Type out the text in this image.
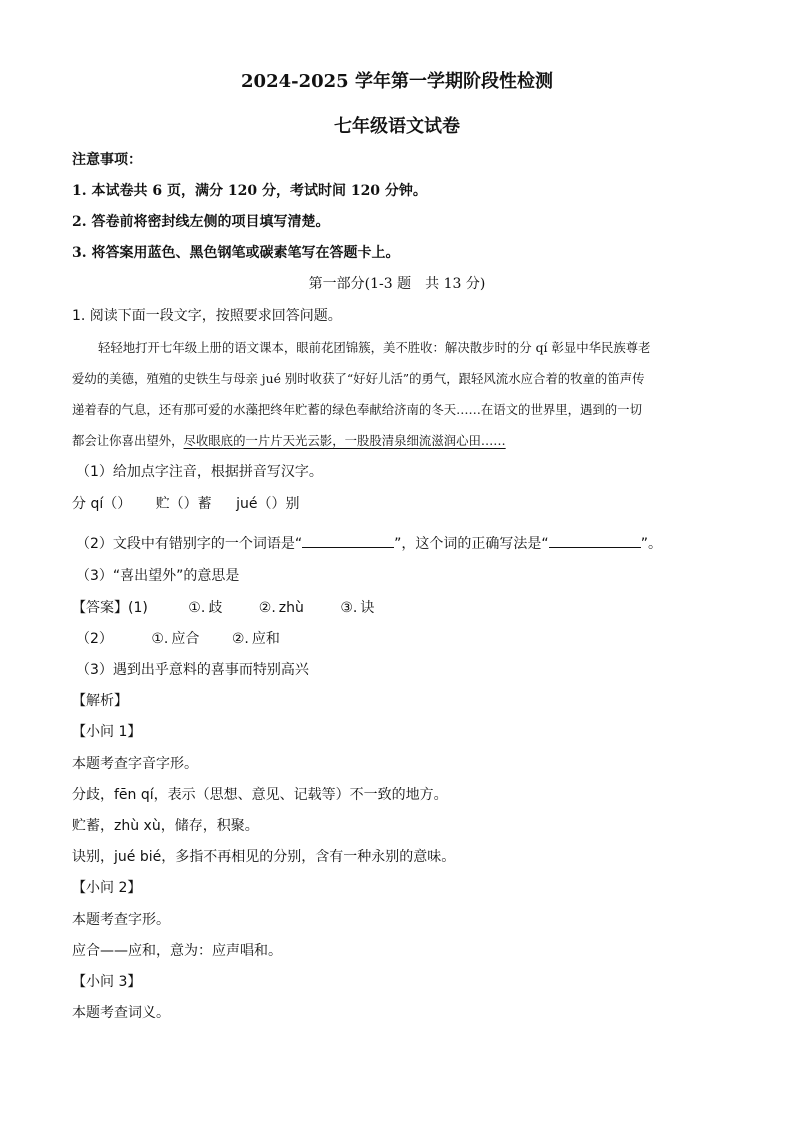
2024-2025 学年第一学期阶段性检测
七年级语文试卷
注意事项：
1. 本试卷共 6 页，满分 120 分，考试时间 120 分钟。
2. 答卷前将密封线左侧的项目填写清楚。
3. 将答案用蓝色、黑色钢笔或碳素笔写在答题卡上。
第一部分(1-3 题　共 13 分)
1. 阅读下面一段文字，按照要求回答问题。
轻轻地打开七年级上册的语文课本，眼前花团锦簇，美不胜收：解决散步时的分 qí 彰显中华民族尊老
爱幼的美德，殖殖的史铁生与母亲 jué 别时收获了“好好儿活”的勇气，跟轻风流水应合着的牧童的笛声传
递着春的气息，还有那可爱的水藻把终年贮蓄的绿色奉献给济南的冬天……在语文的世界里，遇到的一切
都会让你喜出望外，尽收眼底的一片片天光云影，一股股清泉细流滋润心田……
（1）给加点字注音，根据拼音写汉字。
分 qí（） 贮（）蓄 jué（）别
（2）文段中有错别字的一个词语是“	”，这个词的正确写法是“	”。
（3）“喜出望外”的意思是
【答案】(1)	①. 歧	②. zhù	③. 诀
（2）	①. 应合 ②. 应和
（3）遇到出乎意料的喜事而特别高兴
【解析】
【小问 1】
本题考查字音字形。
分歧，fēn qí，表示（思想、意见、记载等）不一致的地方。
贮蓄，zhù xù，储存，积聚。
诀别，jué bié，多指不再相见的分别，含有一种永别的意味。
【小问 2】
本题考查字形。
应合——应和，意为：应声唱和。
【小问 3】
本题考查词义。
